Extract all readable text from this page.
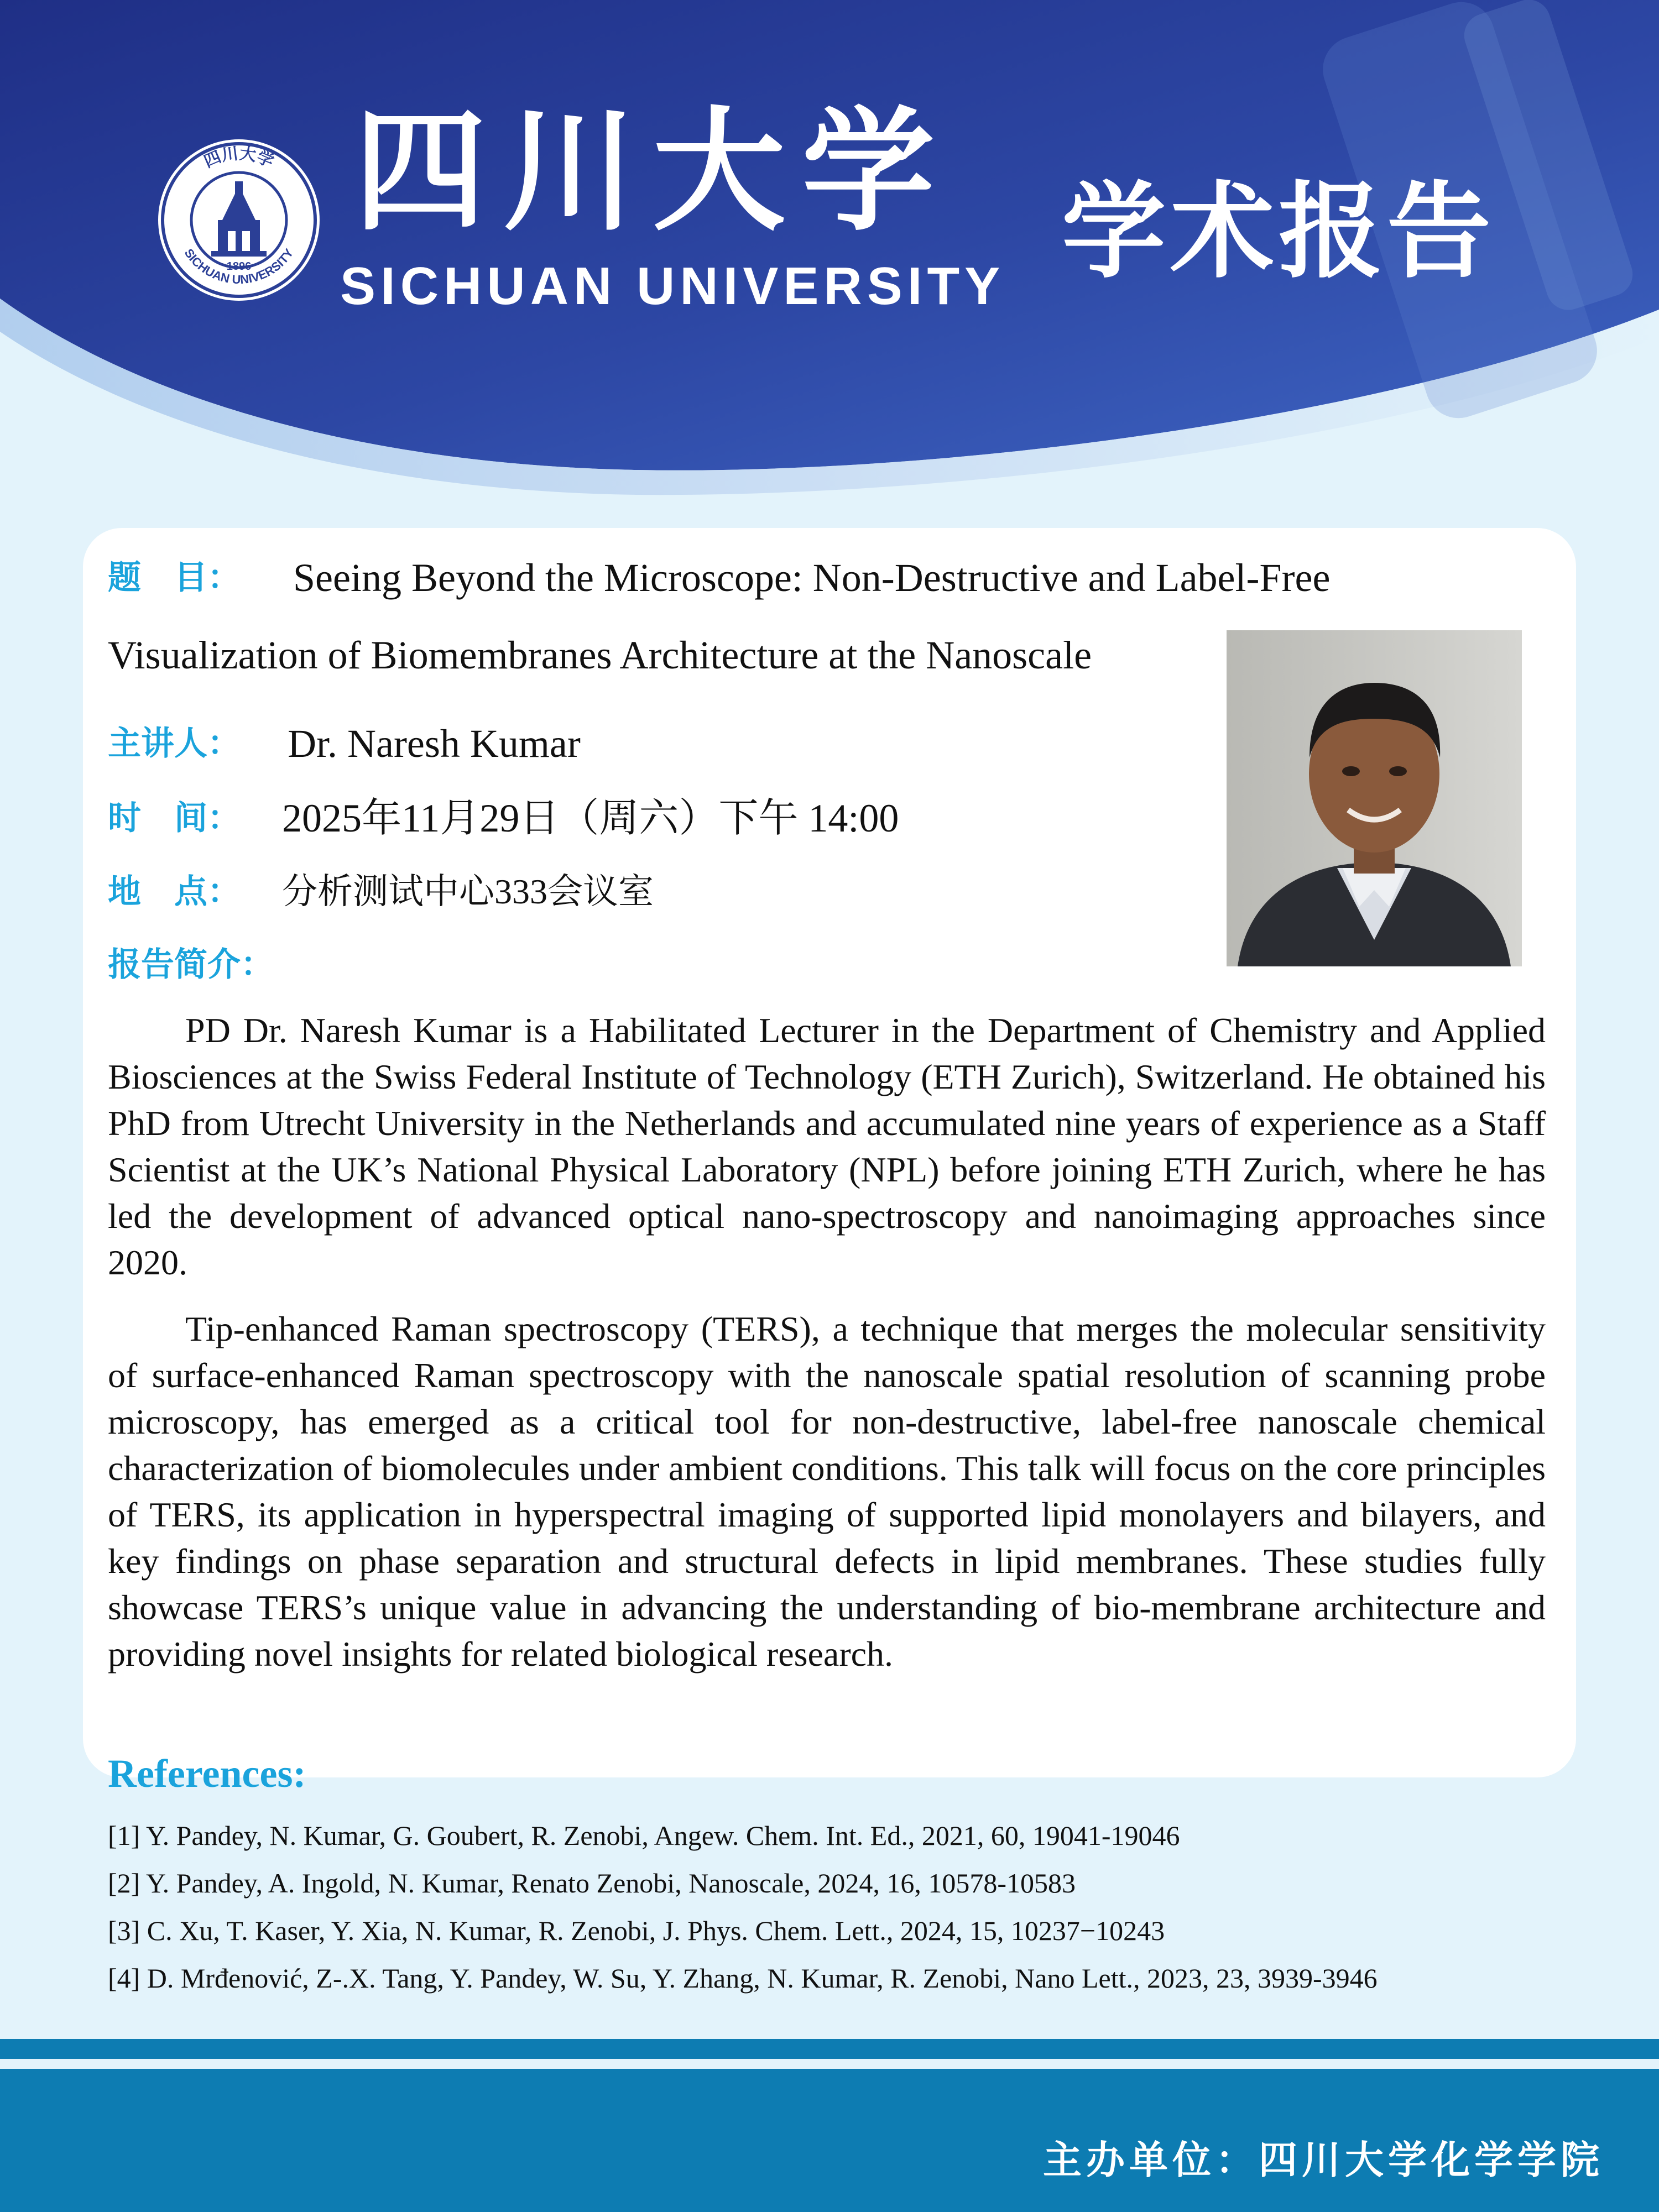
四川大学
SICHUAN UNIVERSITY
1896
四川大学
SICHUAN UNIVERSITY 学术报告
题　目： Seeing Beyond the Microscope: Non-Destructive and Label-Free
Visualization of Biomembranes Architecture at the Nanoscale
主讲人： Dr. Naresh Kumar
时　间： 2025年11月29日（周六）下午 14:00
地　点： 分析测试中心333会议室
报告简介：

PD Dr. Naresh Kumar is a Habilitated Lecturer in the Department of Chemistry and Applied Biosciences at the Swiss Federal Institute of Technology (ETH Zurich), Switzerland. He obtained his PhD from Utrecht University in the Netherlands and accumulated nine years of experience as a Staff Scientist at the UK’s National Physical Laboratory (NPL) before joining ETH Zurich, where he has led the development of advanced optical nano-spectroscopy and nanoimaging approaches since 2020.

Tip-enhanced Raman spectroscopy (TERS), a technique that merges the molecular sensitivity of surface-enhanced Raman spectroscopy with the nanoscale spatial resolution of scanning probe microscopy, has emerged as a critical tool for non-destructive, label-free nanoscale chemical characterization of biomolecules under ambient conditions. This talk will focus on the core principles of TERS, its application in hyperspectral imaging of supported lipid monolayers and bilayers, and key findings on phase separation and structural defects in lipid membranes. These studies fully showcase TERS’s unique value in advancing the understanding of bio-membrane architecture and providing novel insights for related biological research.

References:
[1] Y. Pandey, N. Kumar, G. Goubert, R. Zenobi, Angew. Chem. Int. Ed., 2021, 60, 19041-19046
[2] Y. Pandey, A. Ingold, N. Kumar, Renato Zenobi, Nanoscale, 2024, 16, 10578-10583
[3] C. Xu, T. Kaser, Y. Xia, N. Kumar, R. Zenobi, J. Phys. Chem. Lett., 2024, 15, 10237−10243
[4] D. Mrđenović, Z-.X. Tang, Y. Pandey, W. Su, Y. Zhang, N. Kumar, R. Zenobi, Nano Lett., 2023, 23, 3939-3946
主办单位：四川大学化学学院
